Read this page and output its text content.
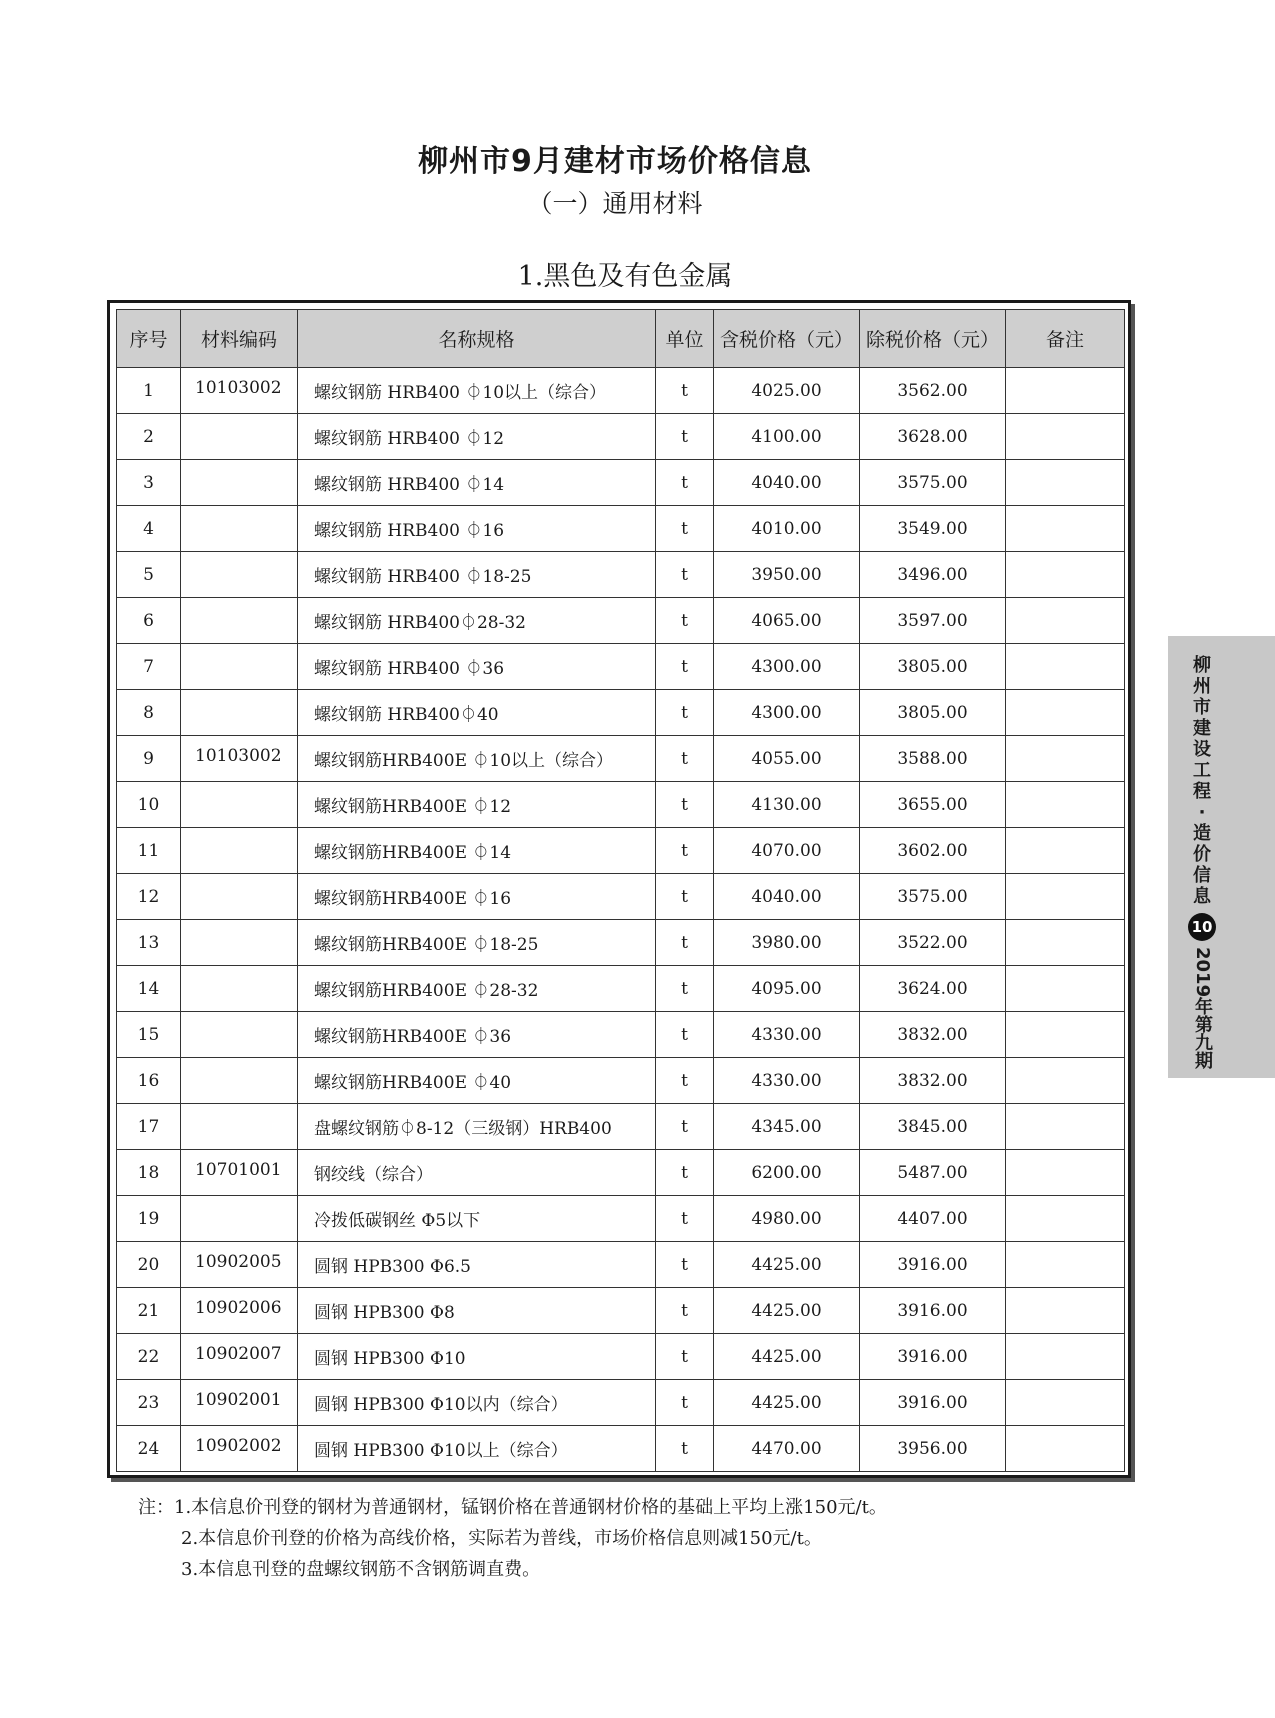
柳州市9月建材市场价格信息
（一）通用材料
1.黑色及有色金属
序号	材料编码	名称规格	单位	含税价格（元）	除税价格（元）	备注
1	10103002	螺纹钢筋 HRB400 ⏀10以上（综合）	t	4025.00	3562.00	
2		螺纹钢筋 HRB400 ⏀12	t	4100.00	3628.00	
3		螺纹钢筋 HRB400 ⏀14	t	4040.00	3575.00	
4		螺纹钢筋 HRB400 ⏀16	t	4010.00	3549.00	
5		螺纹钢筋 HRB400 ⏀18-25	t	3950.00	3496.00	
6		螺纹钢筋 HRB400⏀28-32	t	4065.00	3597.00	
7		螺纹钢筋 HRB400 ⏀36	t	4300.00	3805.00	
8		螺纹钢筋 HRB400⏀40	t	4300.00	3805.00	
9	10103002	螺纹钢筋HRB400E ⏀10以上（综合）	t	4055.00	3588.00	
10		螺纹钢筋HRB400E ⏀12	t	4130.00	3655.00	
11		螺纹钢筋HRB400E ⏀14	t	4070.00	3602.00	
12		螺纹钢筋HRB400E ⏀16	t	4040.00	3575.00	
13		螺纹钢筋HRB400E ⏀18-25	t	3980.00	3522.00	
14		螺纹钢筋HRB400E ⏀28-32	t	4095.00	3624.00	
15		螺纹钢筋HRB400E ⏀36	t	4330.00	3832.00	
16		螺纹钢筋HRB400E ⏀40	t	4330.00	3832.00	
17		盘螺纹钢筋⏀8-12（三级钢）HRB400	t	4345.00	3845.00	
18	10701001	钢绞线（综合）	t	6200.00	5487.00	
19		冷拨低碳钢丝 Φ5以下	t	4980.00	4407.00	
20	10902005	圆钢 HPB300 Φ6.5	t	4425.00	3916.00	
21	10902006	圆钢 HPB300 Φ8	t	4425.00	3916.00	
22	10902007	圆钢 HPB300 Φ10	t	4425.00	3916.00	
23	10902001	圆钢 HPB300 Φ10以内（综合）	t	4425.00	3916.00	
24	10902002	圆钢 HPB300 Φ10以上（综合）	t	4470.00	3956.00	
注：1.本信息价刊登的钢材为普通钢材，锰钢价格在普通钢材价格的基础上平均上涨150元/t。
2.本信息价刊登的价格为高线价格，实际若为普线，市场价格信息则减150元/t。
3.本信息刊登的盘螺纹钢筋不含钢筋调直费。
柳
州
市
建
设
工
程
·
造
价
信
息
10
2019年第九期
